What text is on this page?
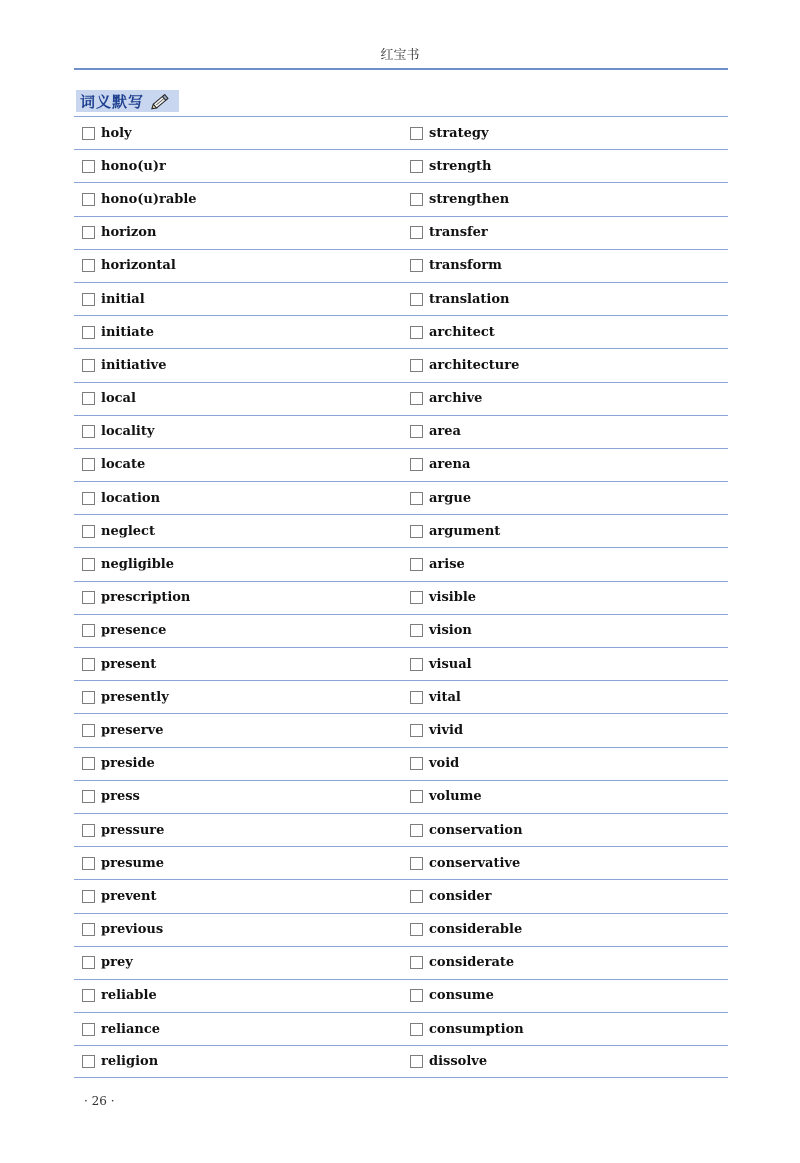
红宝书
词义默写
holy	strategy
hono(u)r	strength
hono(u)rable	strengthen
horizon	transfer
horizontal	transform
initial	translation
initiate	architect
initiative	architecture
local	archive
locality	area
locate	arena
location	argue
neglect	argument
negligible	arise
prescription	visible
presence	vision
present	visual
presently	vital
preserve	vivid
preside	void
press	volume
pressure	conservation
presume	conservative
prevent	consider
previous	considerable
prey	considerate
reliable	consume
reliance	consumption
religion	dissolve
· 26 ·
